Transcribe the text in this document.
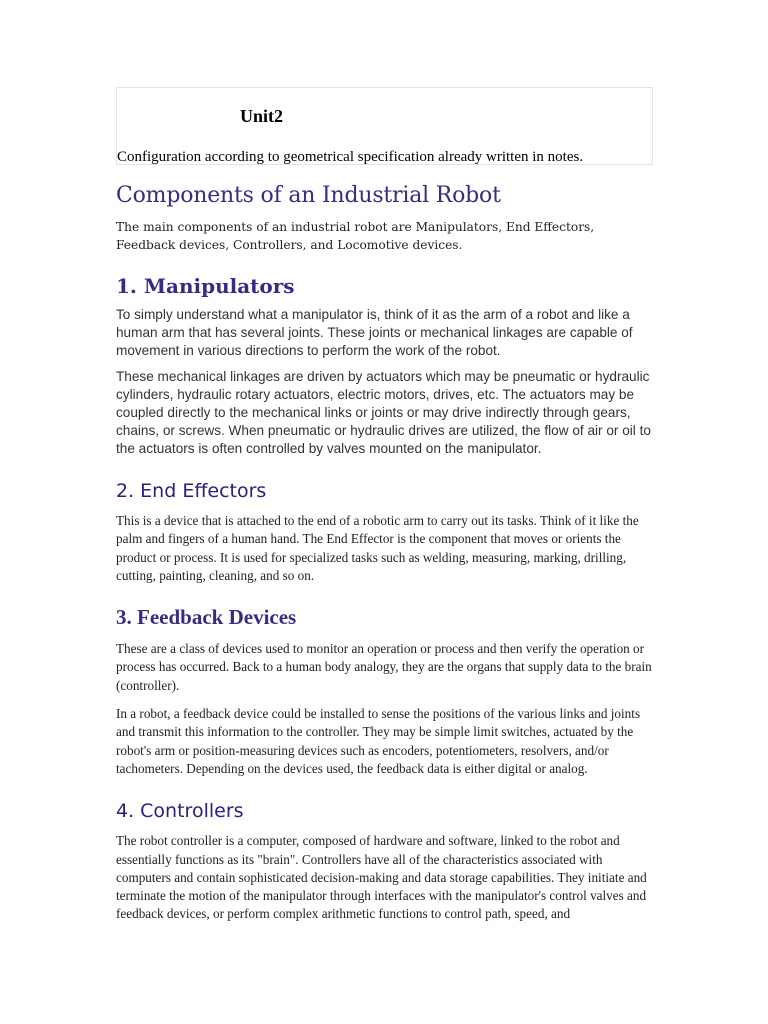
Unit2
Configuration according to geometrical specification already written in notes.
Components of an Industrial Robot

The main components of an industrial robot are Manipulators, End Effectors, Feedback devices, Controllers, and Locomotive devices.

1. Manipulators

To simply understand what a manipulator is, think of it as the arm of a robot and like a human arm that has several joints. These joints or mechanical linkages are capable of movement in various directions to perform the work of the robot.

These mechanical linkages are driven by actuators which may be pneumatic or hydraulic cylinders, hydraulic rotary actuators, electric motors, drives, etc. The actuators may be coupled directly to the mechanical links or joints or may drive indirectly through gears, chains, or screws. When pneumatic or hydraulic drives are utilized, the flow of air or oil to the actuators is often controlled by valves mounted on the manipulator.

2. End Effectors

This is a device that is attached to the end of a robotic arm to carry out its tasks. Think of it like the palm and fingers of a human hand. The End Effector is the component that moves or orients the product or process. It is used for specialized tasks such as welding, measuring, marking, drilling, cutting, painting, cleaning, and so on.

3. Feedback Devices

These are a class of devices used to monitor an operation or process and then verify the operation or process has occurred. Back to a human body analogy, they are the organs that supply data to the brain (controller).

In a robot, a feedback device could be installed to sense the positions of the various links and joints and transmit this information to the controller. They may be simple limit switches, actuated by the robot's arm or position-measuring devices such as encoders, potentiometers, resolvers, and/or tachometers. Depending on the devices used, the feedback data is either digital or analog.

4. Controllers

The robot controller is a computer, composed of hardware and software, linked to the robot and essentially functions as its "brain". Controllers have all of the characteristics associated with computers and contain sophisticated decision-making and data storage capabilities. They initiate and terminate the motion of the manipulator through interfaces with the manipulator's control valves and feedback devices, or perform complex arithmetic functions to control path, speed, and
